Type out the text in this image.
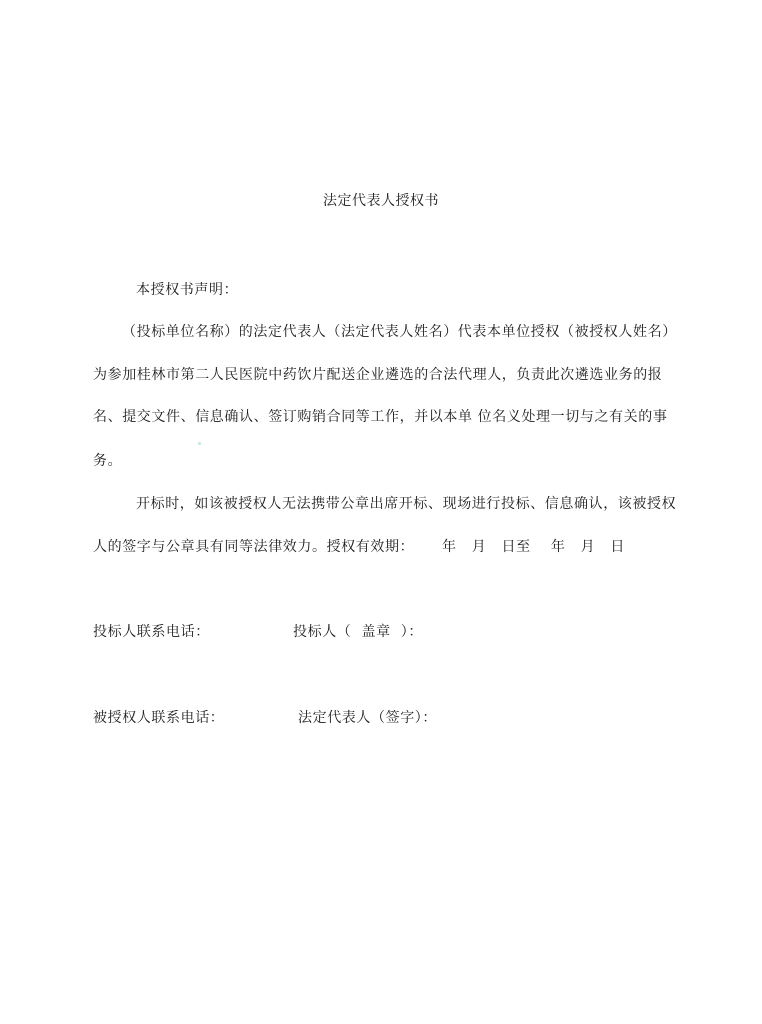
法定代表人授权书
本授权书声明：
（投标单位名称）的法定代表人（法定代表人姓名）代表本单位授权（被授权人姓名）
为参加桂林市第二人民医院中药饮片配送企业遴选的合法代理人，负责此次遴选业务的报
名、提交文件、信息确认、签订购销合同等工作，并以本单 位名义处理一切与之有关的事
务。
开标时，如该被授权人无法携带公章出席开标、现场进行投标、信息确认，该被授权
人的签字与公章具有同等法律效力。授权有效期： 年   月   日至    年   月   日
投标人联系电话：	投标人（  盖章  ）：
被授权人联系电话：	法定代表人（签字）：
